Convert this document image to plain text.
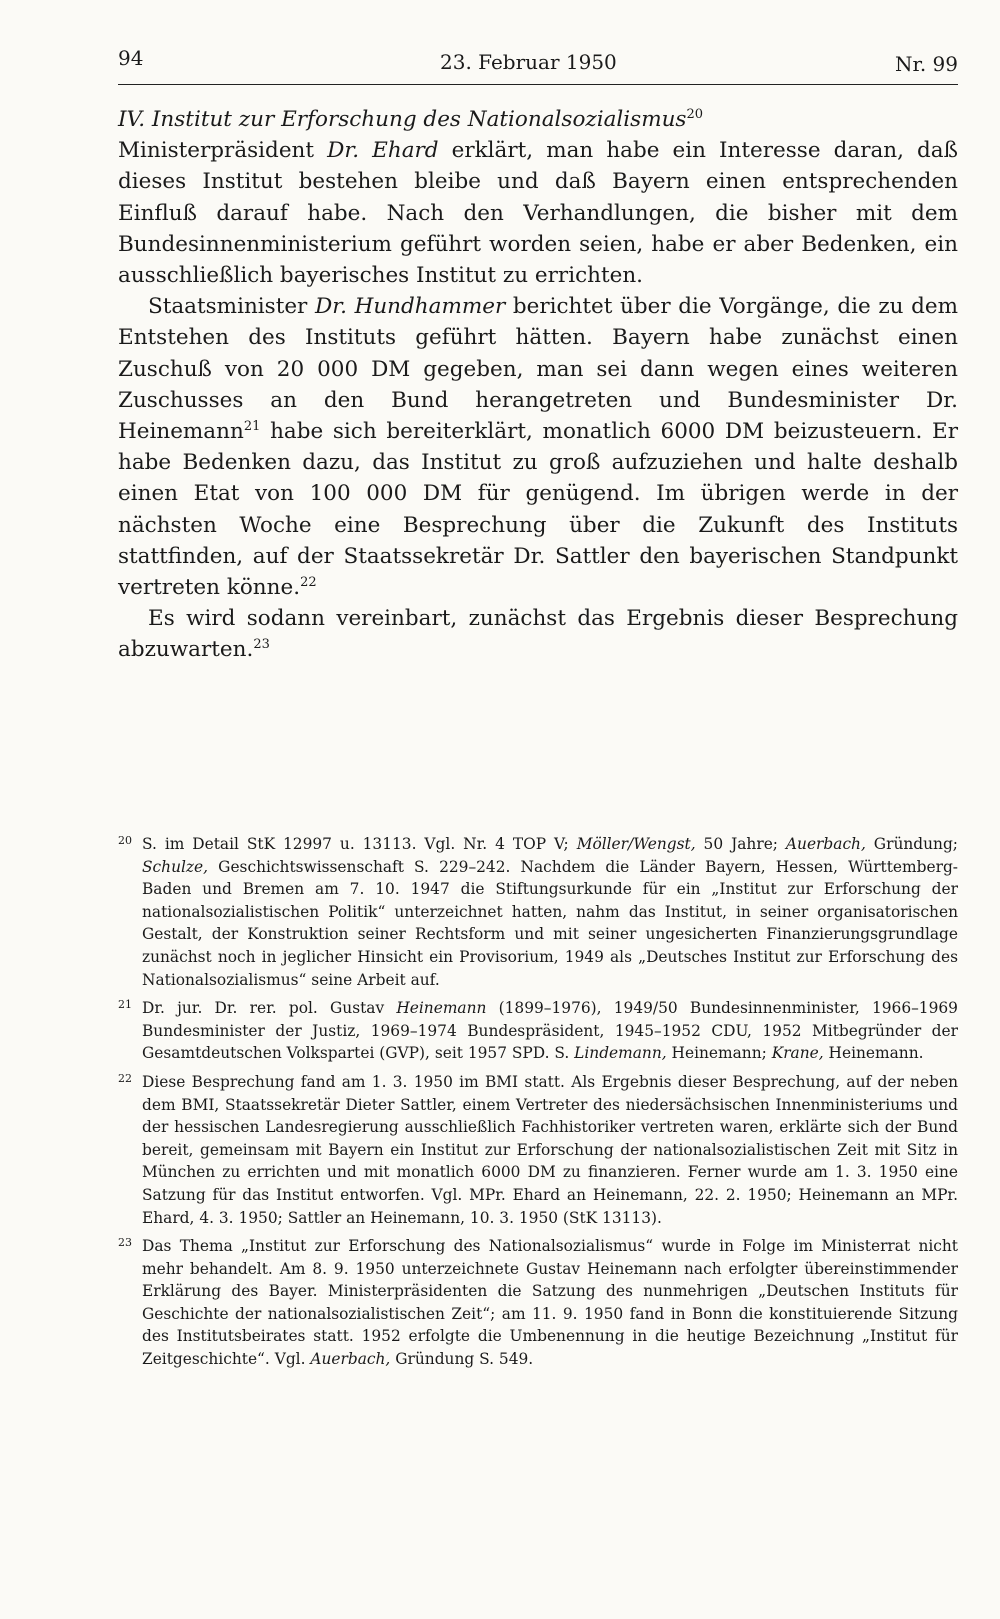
94	23. Februar 1950	Nr. 99

IV. Institut zur Erforschung des Nationalsozialismus$^{20}$

Ministerpräsident Dr. Ehard erklärt, man habe ein Interesse daran, daß dieses Institut bestehen bleibe und daß Bayern einen entsprechenden Einfluß darauf habe. Nach den Verhandlungen, die bisher mit dem Bundesinnenministerium geführt worden seien, habe er aber Bedenken, ein ausschließlich bayerisches Institut zu errichten.

Staatsminister Dr. Hundhammer berichtet über die Vorgänge, die zu dem Entstehen des Instituts geführt hätten. Bayern habe zunächst einen Zuschuß von 20 000 DM gegeben, man sei dann wegen eines weiteren Zuschusses an den Bund herangetreten und Bundesminister Dr. Heinemann$^{21}$ habe sich bereiterklärt, monatlich 6000 DM beizusteuern. Er habe Bedenken dazu, das Institut zu groß aufzuziehen und halte deshalb einen Etat von 100 000 DM für genügend. Im übrigen werde in der nächsten Woche eine Besprechung über die Zukunft des Instituts stattfinden, auf der Staatssekretär Dr. Sattler den bayerischen Standpunkt vertreten könne.$^{22}$

Es wird sodann vereinbart, zunächst das Ergebnis dieser Besprechung abzuwarten.$^{23}$

20 S. im Detail StK 12997 u. 13113. Vgl. Nr. 4 TOP V; Möller/Wengst, 50 Jahre; Auerbach, Gründung; Schulze, Geschichtswissenschaft S. 229–242. Nachdem die Länder Bayern, Hessen, Württemberg-Baden und Bremen am 7. 10. 1947 die Stiftungsurkunde für ein „Institut zur Erforschung der nationalsozialistischen Politik“ unterzeichnet hatten, nahm das Institut, in seiner organisatorischen Gestalt, der Konstruktion seiner Rechtsform und mit seiner ungesicherten Finanzierungsgrundlage zunächst noch in jeglicher Hinsicht ein Provisorium, 1949 als „Deutsches Institut zur Erforschung des Nationalsozialismus“ seine Arbeit auf.
21 Dr. jur. Dr. rer. pol. Gustav Heinemann (1899–1976), 1949/50 Bundesinnenminister, 1966–1969 Bundesminister der Justiz, 1969–1974 Bundespräsident, 1945–1952 CDU, 1952 Mitbegründer der Gesamtdeutschen Volkspartei (GVP), seit 1957 SPD. S. Lindemann, Heinemann; Krane, Heinemann.
22 Diese Besprechung fand am 1. 3. 1950 im BMI statt. Als Ergebnis dieser Besprechung, auf der neben dem BMI, Staatssekretär Dieter Sattler, einem Vertreter des niedersächsischen Innenministeriums und der hessischen Landesregierung ausschließlich Fachhistoriker vertreten waren, erklärte sich der Bund bereit, gemeinsam mit Bayern ein Institut zur Erforschung der nationalsozialistischen Zeit mit Sitz in München zu errichten und mit monatlich 6000 DM zu finanzieren. Ferner wurde am 1. 3. 1950 eine Satzung für das Institut entworfen. Vgl. MPr. Ehard an Heinemann, 22. 2. 1950; Heinemann an MPr. Ehard, 4. 3. 1950; Sattler an Heinemann, 10. 3. 1950 (StK 13113).
23 Das Thema „Institut zur Erforschung des Nationalsozialismus“ wurde in Folge im Ministerrat nicht mehr behandelt. Am 8. 9. 1950 unterzeichnete Gustav Heinemann nach erfolgter übereinstimmender Erklärung des Bayer. Ministerpräsidenten die Satzung des nunmehrigen „Deutschen Instituts für Geschichte der nationalsozialistischen Zeit“; am 11. 9. 1950 fand in Bonn die konstituierende Sitzung des Institutsbeirates statt. 1952 erfolgte die Umbenennung in die heutige Bezeichnung „Institut für Zeitgeschichte“. Vgl. Auerbach, Gründung S. 549.
